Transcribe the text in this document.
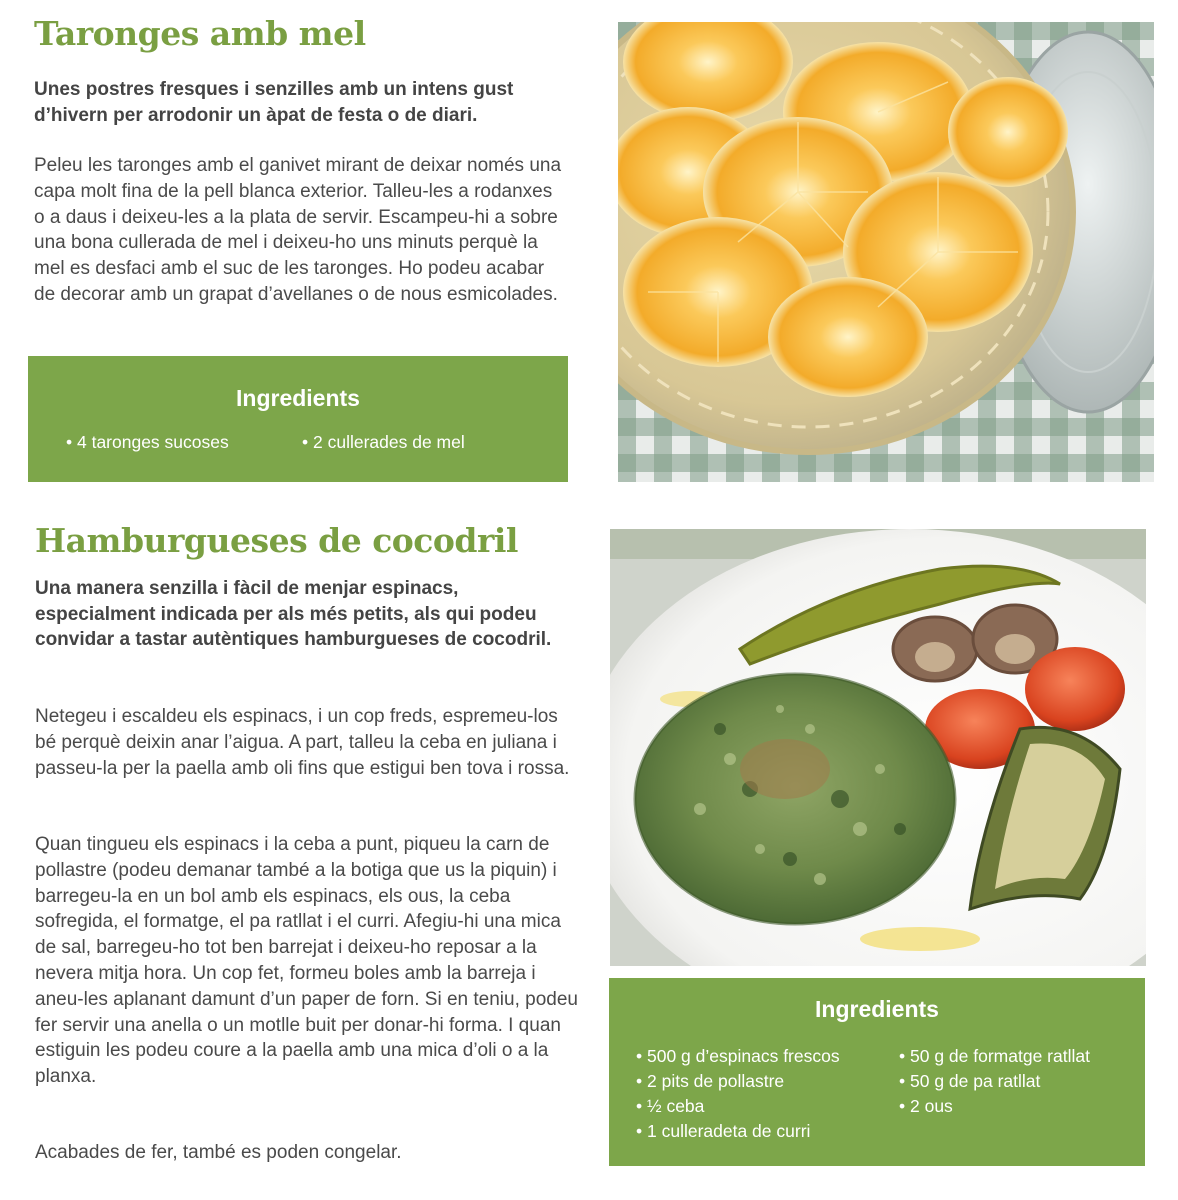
Taronges amb mel

Unes postres fresques i senzilles amb un intens gust d’hivern per arrodonir un àpat de festa o de diari.

Peleu les taronges amb el ganivet mirant de deixar només una capa molt fina de la pell blanca exterior. Talleu-les a rodanxes o a daus i deixeu-les a la plata de servir. Escampeu-hi a sobre una bona cullerada de mel i deixeu-ho uns minuts perquè la mel es desfaci amb el suc de les taronges. Ho podeu acabar de decorar amb un grapat d’avellanes o de nous esmicolades.

Ingredients
• 4 taronges sucoses	• 2 cullerades de mel
Hamburgueses de cocodril

Una manera senzilla i fàcil de menjar espinacs, especialment indicada per als més petits, als qui podeu convidar a tastar autèntiques hamburgueses de cocodril.

Netegeu i escaldeu els espinacs, i un cop freds, espremeu-los bé perquè deixin anar l’aigua. A part, talleu la ceba en juliana i passeu-la per la paella amb oli fins que estigui ben tova i rossa.

Quan tingueu els espinacs i la ceba a punt, piqueu la carn de pollastre (podeu demanar també a la botiga que us la piquin) i barregeu-la en un bol amb els espinacs, els ous, la ceba sofregida, el formatge, el pa ratllat i el curri. Afegiu-hi una mica de sal, barregeu-ho tot ben barrejat i deixeu-ho reposar a la nevera mitja hora. Un cop fet, formeu boles amb la barreja i aneu-les aplanant damunt d’un paper de forn. Si en teniu, podeu fer servir una anella o un motlle buit per donar-hi forma. I quan estiguin les podeu coure a la paella amb una mica d’oli o a la planxa.

Acabades de fer, també es poden congelar.

Ingredients
• 500 g d’espinacs frescos
• 2 pits de pollastre
• ½ ceba
• 1 culleradeta de curri
• 50 g de formatge ratllat
• 50 g de pa ratllat
• 2 ous
